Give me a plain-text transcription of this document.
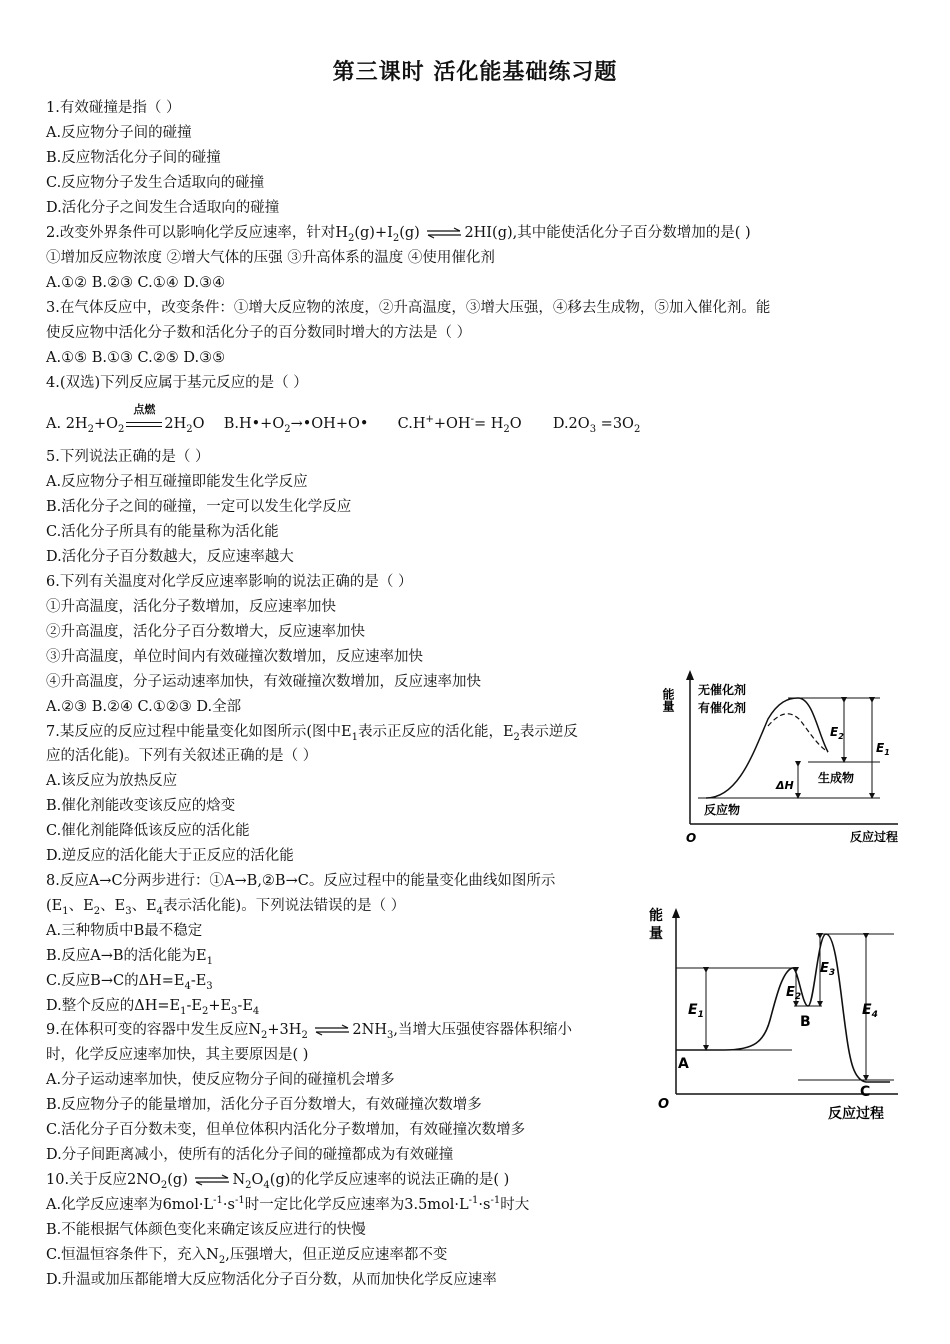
第三课时 活化能基础练习题
1.有效碰撞是指（ ）
A.反应物分子间的碰撞
B.反应物活化分子间的碰撞
C.反应物分子发生合适取向的碰撞
D.活化分子之间发生合适取向的碰撞
2.改变外界条件可以影响化学反应速率，针对$H_2(g)+I_2(g)$ ⇌ 2HI(g),其中能使活化分子百分数增加的是( )
①增加反应物浓度 ②增大气体的压强 ③升高体系的温度 ④使用催化剂
A.①② B.②③ C.①④ D.③④
3.在气体反应中，改变条件：①增大反应物的浓度，②升高温度，③增大压强，④移去生成物，⑤加入催化剂。能
使反应物中活化分子数和活化分子的百分数同时增大的方法是（ ）
A.①⑤ B.①③ C.②⑤ D.③⑤
4.(双选)下列反应属于基元反应的是（ ）
A. $2H_2+O_2$
点燃
$2H_2O$ $B.H•+O_2\to•OH+O•$ $C.H^++OH^-= H_2O$ $D.2O_3 =3O_2$
5.下列说法正确的是（ ）
A.反应物分子相互碰撞即能发生化学反应
B.活化分子之间的碰撞，一定可以发生化学反应
C.活化分子所具有的能量称为活化能
D.活化分子百分数越大，反应速率越大
6.下列有关温度对化学反应速率影响的说法正确的是（ ）
①升高温度，活化分子数增加，反应速率加快
②升高温度，活化分子百分数增大，反应速率加快
③升高温度，单位时间内有效碰撞次数增加，反应速率加快
④升高温度，分子运动速率加快，有效碰撞次数增加，反应速率加快
A.②③ B.②④ C.①②③ D.全部
7.某反应的反应过程中能量变化如图所示(图中$E_1$表示正反应的活化能，$E_2$表示逆反
应的活化能)。下列有关叙述正确的是（ ）
A.该反应为放热反应
B.催化剂能改变该反应的焓变
C.催化剂能降低该反应的活化能
D.逆反应的活化能大于正反应的活化能
8.反应A→C分两步进行：①A→B,②B→C。反应过程中的能量变化曲线如图所示
($E_1$、$E_2$、$E_3$、$E_4$表示活化能)。下列说法错误的是（ ）
A.三种物质中B最不稳定
B.反应A→B的活化能为$E_1$
C.反应B→C的$\Delta H=E_4-E_3$
D.整个反应的$\Delta H=E_1-E_2+E_3-E_4$
9.在体积可变的容器中发生反应$N_2+3H_2$ ⇌ $2NH_3$,当增大压强使容器体积缩小
时，化学反应速率加快，其主要原因是( )
A.分子运动速率加快，使反应物分子间的碰撞机会增多
B.反应物分子的能量增加，活化分子百分数增大，有效碰撞次数增多
C.活化分子百分数未变，但单位体积内活化分子数增加，有效碰撞次数增多
D.分子间距离减小，使所有的活化分子间的碰撞都成为有效碰撞
10.关于反应$2NO_2(g)$ ⇌ $N_2O_4(g)$的化学反应速率的说法正确的是( )
A.化学反应速率为$6mol\cdot L^{-1}\cdot s^{-1}$时一定比化学反应速率为$3.5mol\cdot L^{-1}\cdot s^{-1}$时大
B.不能根据气体颜色变化来确定该反应进行的快慢
C.恒温恒容条件下，充入$N_2$,压强增大，但正逆反应速率都不变
D.升温或加压都能增大反应物活化分子百分数，从而加快化学反应速率
能量
O	反应过程
无催化剂
有催化剂
$E_2$
$E_1$
ΔH
生成物
反应物
能
量
O
反应过程
$E_1$
$E_2$
$E_3$
$E_4$
A
B
C
